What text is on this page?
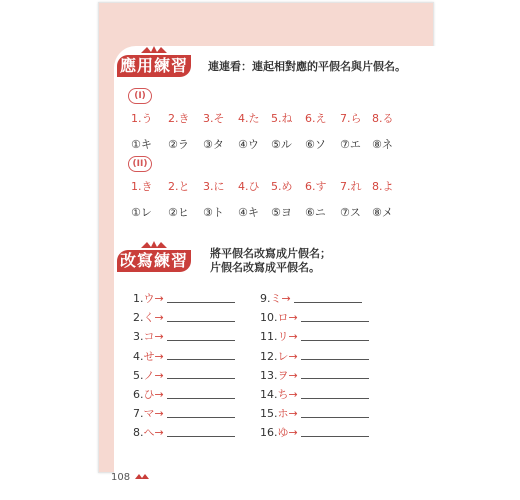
應用練習 連連看：連起相對應的平假名與片假名。
(I)
1.う 2.き 3.そ 4.た 5.ね 6.え 7.ら 8.る
①キ ②ラ ③タ ④ウ ⑤ル ⑥ソ ⑦エ ⑧ネ
(II)
1.き 2.と 3.に 4.ひ 5.め 6.す 7.れ 8.よ
①レ ②ヒ ③ト ④キ ⑤ヨ ⑥ニ ⑦ス ⑧メ
改寫練習 將平假名改寫成片假名；
片假名改寫成平假名。
1.ウ→
2.く→
3.コ→
4.せ→
5.ノ→
6.ひ→
7.マ→
8.へ→
9.ミ→
10.ロ→
11.リ→
12.レ→
13.ヲ→
14.ち→
15.ホ→
16.ゆ→
108
